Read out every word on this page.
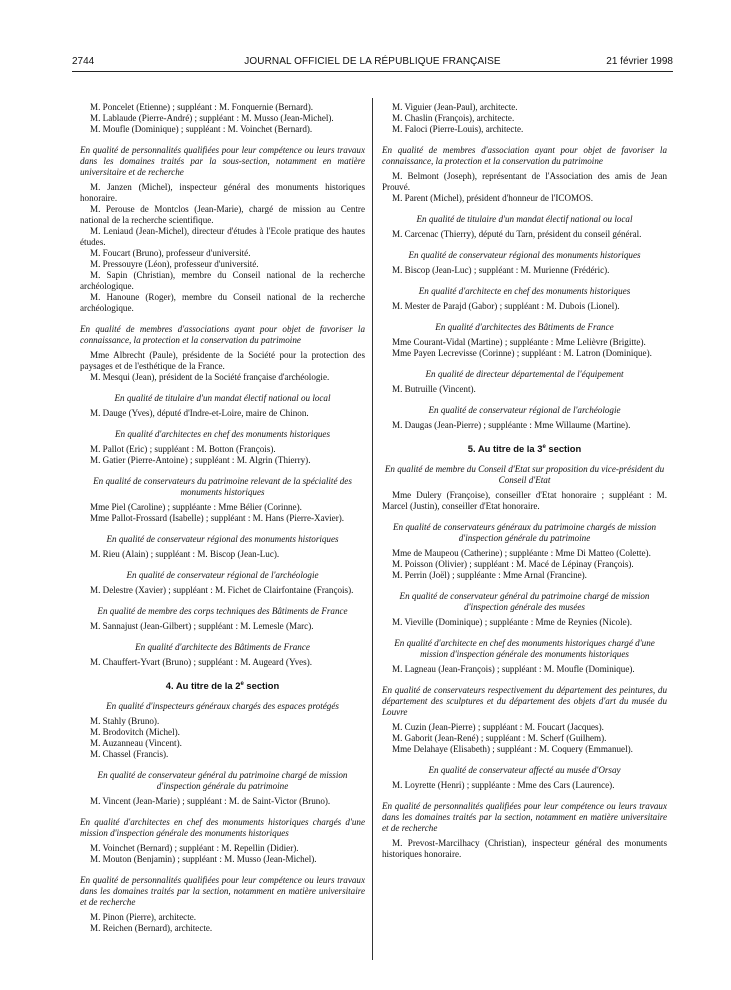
2744	JOURNAL OFFICIEL DE LA RÉPUBLIQUE FRANÇAISE	21 février 1998

M. Poncelet (Etienne) ; suppléant : M. Fonquernie (Bernard).

M. Lablaude (Pierre-André) ; suppléant : M. Musso (Jean-Michel).

M. Moufle (Dominique) ; suppléant : M. Voinchet (Bernard).

En qualité de personnalités qualifiées pour leur compétence ou leurs travaux dans les domaines traités par la sous-section, notamment en matière universitaire et de recherche

M. Janzen (Michel), inspecteur général des monuments historiques honoraire.

M. Perouse de Montclos (Jean-Marie), chargé de mission au Centre national de la recherche scientifique.

M. Leniaud (Jean-Michel), directeur d'études à l'Ecole pratique des hautes études.

M. Foucart (Bruno), professeur d'université.

M. Pressouyre (Léon), professeur d'université.

M. Sapin (Christian), membre du Conseil national de la recherche archéologique.

M. Hanoune (Roger), membre du Conseil national de la recherche archéologique.

En qualité de membres d'associations ayant pour objet de favoriser la connaissance, la protection et la conservation du patrimoine

Mme Albrecht (Paule), présidente de la Société pour la protection des paysages et de l'esthétique de la France.

M. Mesqui (Jean), président de la Société française d'archéologie.

En qualité de titulaire d'un mandat électif national ou local

M. Dauge (Yves), député d'Indre-et-Loire, maire de Chinon.

En qualité d'architectes en chef des monuments historiques

M. Pallot (Eric) ; suppléant : M. Botton (François).

M. Gatier (Pierre-Antoine) ; suppléant : M. Algrin (Thierry).

En qualité de conservateurs du patrimoine relevant de la spécialité des monuments historiques

Mme Piel (Caroline) ; suppléante : Mme Bélier (Corinne).

Mme Pallot-Frossard (Isabelle) ; suppléant : M. Hans (Pierre-Xavier).

En qualité de conservateur régional des monuments historiques

M. Rieu (Alain) ; suppléant : M. Biscop (Jean-Luc).

En qualité de conservateur régional de l'archéologie

M. Delestre (Xavier) ; suppléant : M. Fichet de Clairfontaine (François).

En qualité de membre des corps techniques des Bâtiments de France

M. Sannajust (Jean-Gilbert) ; suppléant : M. Lemesle (Marc).

En qualité d'architecte des Bâtiments de France

M. Chauffert-Yvart (Bruno) ; suppléant : M. Augeard (Yves).

4. Au titre de la 2e section

En qualité d'inspecteurs généraux chargés des espaces protégés

M. Stahly (Bruno).

M. Brodovitch (Michel).

M. Auzanneau (Vincent).

M. Chassel (Francis).

En qualité de conservateur général du patrimoine chargé de mission d'inspection générale du patrimoine

M. Vincent (Jean-Marie) ; suppléant : M. de Saint-Victor (Bruno).

En qualité d'architectes en chef des monuments historiques chargés d'une mission d'inspection générale des monuments historiques

M. Voinchet (Bernard) ; suppléant : M. Repellin (Didier).

M. Mouton (Benjamin) ; suppléant : M. Musso (Jean-Michel).

En qualité de personnalités qualifiées pour leur compétence ou leurs travaux dans les domaines traités par la section, notamment en matière universitaire et de recherche

M. Pinon (Pierre), architecte.

M. Reichen (Bernard), architecte.

M. Viguier (Jean-Paul), architecte.

M. Chaslin (François), architecte.

M. Faloci (Pierre-Louis), architecte.

En qualité de membres d'association ayant pour objet de favoriser la connaissance, la protection et la conservation du patrimoine

M. Belmont (Joseph), représentant de l'Association des amis de Jean Prouvé.

M. Parent (Michel), président d'honneur de l'ICOMOS.

En qualité de titulaire d'un mandat électif national ou local

M. Carcenac (Thierry), député du Tarn, président du conseil général.

En qualité de conservateur régional des monuments historiques

M. Biscop (Jean-Luc) ; suppléant : M. Murienne (Frédéric).

En qualité d'architecte en chef des monuments historiques

M. Mester de Parajd (Gabor) ; suppléant : M. Dubois (Lionel).

En qualité d'architectes des Bâtiments de France

Mme Courant-Vidal (Martine) ; suppléante : Mme Lelièvre (Brigitte).

Mme Payen Lecrevisse (Corinne) ; suppléant : M. Latron (Dominique).

En qualité de directeur départemental de l'équipement

M. Butruille (Vincent).

En qualité de conservateur régional de l'archéologie

M. Daugas (Jean-Pierre) ; suppléante : Mme Willaume (Martine).

5. Au titre de la 3e section

En qualité de membre du Conseil d'Etat sur proposition du vice-président du Conseil d'Etat

Mme Dulery (Françoise), conseiller d'Etat honoraire ; suppléant : M. Marcel (Justin), conseiller d'Etat honoraire.

En qualité de conservateurs généraux du patrimoine chargés de mission d'inspection générale du patrimoine

Mme de Maupeou (Catherine) ; suppléante : Mme Di Matteo (Colette).

M. Poisson (Olivier) ; suppléant : M. Macé de Lépinay (François).

M. Perrin (Joël) ; suppléante : Mme Arnal (Francine).

En qualité de conservateur général du patrimoine chargé de mission d'inspection générale des musées

M. Vieville (Dominique) ; suppléante : Mme de Reynies (Nicole).

En qualité d'architecte en chef des monuments historiques chargé d'une mission d'inspection générale des monuments historiques

M. Lagneau (Jean-François) ; suppléant : M. Moufle (Dominique).

En qualité de conservateurs respectivement du département des peintures, du département des sculptures et du département des objets d'art du musée du Louvre

M. Cuzin (Jean-Pierre) ; suppléant : M. Foucart (Jacques).

M. Gaborit (Jean-René) ; suppléant : M. Scherf (Guilhem).

Mme Delahaye (Elisabeth) ; suppléant : M. Coquery (Emmanuel).

En qualité de conservateur affecté au musée d'Orsay

M. Loyrette (Henri) ; suppléante : Mme des Cars (Laurence).

En qualité de personnalités qualifiées pour leur compétence ou leurs travaux dans les domaines traités par la section, notamment en matière universitaire et de recherche

M. Prevost-Marcilhacy (Christian), inspecteur général des monuments historiques honoraire.
